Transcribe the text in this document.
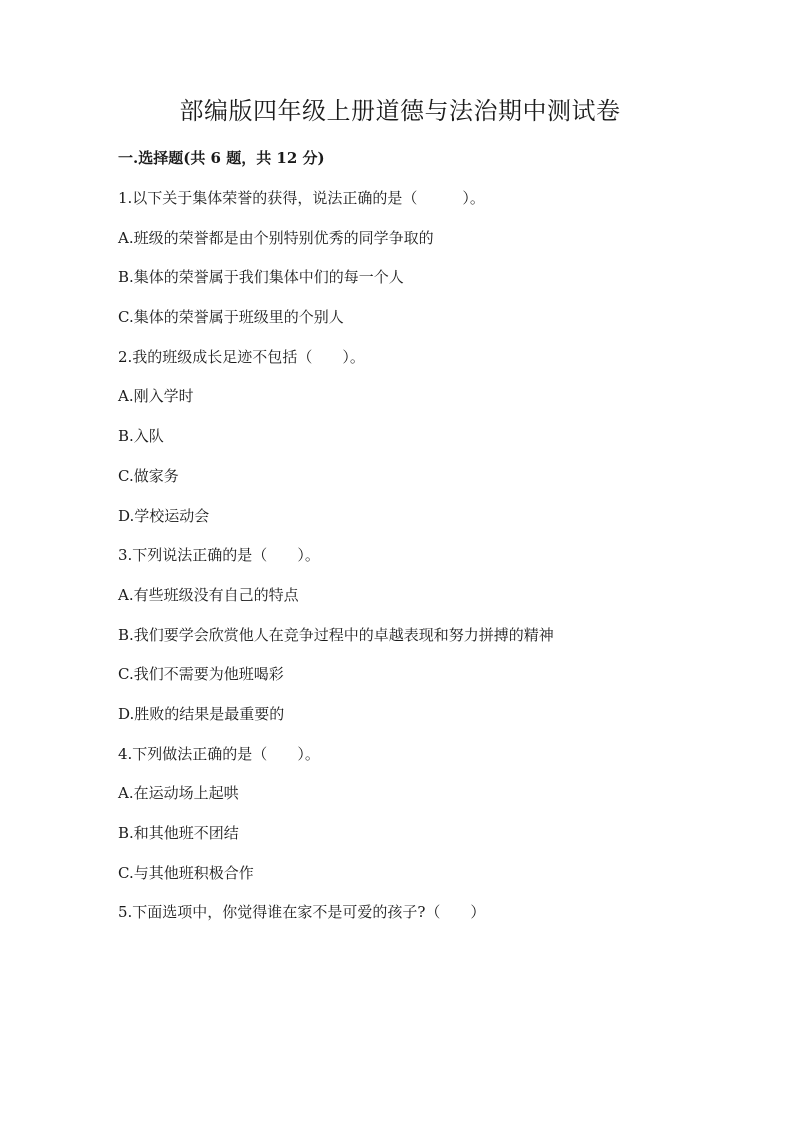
部编版四年级上册道德与法治期中测试卷
一.选择题(共 6 题，共 12 分)
1.以下关于集体荣誉的获得，说法正确的是（　　　）。
A.班级的荣誉都是由个别特别优秀的同学争取的
B.集体的荣誉属于我们集体中们的每一个人
C.集体的荣誉属于班级里的个别人
2.我的班级成长足迹不包括（　　）。
A.刚入学时
B.入队
C.做家务
D.学校运动会
3.下列说法正确的是（　　）。
A.有些班级没有自己的特点
B.我们要学会欣赏他人在竞争过程中的卓越表现和努力拼搏的精神
C.我们不需要为他班喝彩
D.胜败的结果是最重要的
4.下列做法正确的是（　　）。
A.在运动场上起哄
B.和其他班不团结
C.与其他班积极合作
5.下面选项中，你觉得谁在家不是可爱的孩子?（　　）
